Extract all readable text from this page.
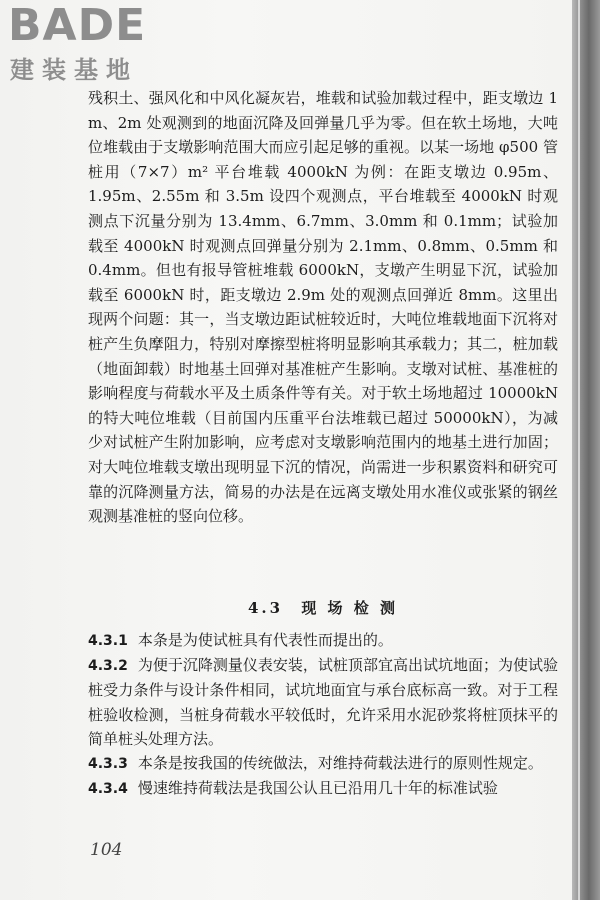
BADE
建装基地

残积土、强风化和中风化凝灰岩，堆载和试验加载过程中，距支墩边 1 m、2m 处观测到的地面沉降及回弹量几乎为零。但在软土场地，大吨位堆载由于支墩影响范围大而应引起足够的重视。以某一场地 φ500 管桩用（7×7）m² 平台堆载 4000kN 为例：在距支墩边 0.95m、1.95m、2.55m 和 3.5m 设四个观测点，平台堆载至 4000kN 时观测点下沉量分别为 13.4mm、6.7mm、3.0mm 和 0.1mm；试验加载至 4000kN 时观测点回弹量分别为 2.1mm、0.8mm、0.5mm 和 0.4mm。但也有报导管桩堆载 6000kN，支墩产生明显下沉，试验加载至 6000kN 时，距支墩边 2.9m 处的观测点回弹近 8mm。这里出现两个问题：其一，当支墩边距试桩较近时，大吨位堆载地面下沉将对桩产生负摩阻力，特别对摩擦型桩将明显影响其承载力；其二，桩加载（地面卸载）时地基土回弹对基准桩产生影响。支墩对试桩、基准桩的影响程度与荷载水平及土质条件等有关。对于软土场地超过 10000kN 的特大吨位堆载（目前国内压重平台法堆载已超过 50000kN），为减少对试桩产生附加影响，应考虑对支墩影响范围内的地基土进行加固；对大吨位堆载支墩出现明显下沉的情况，尚需进一步积累资料和研究可靠的沉降测量方法，简易的办法是在远离支墩处用水准仪或张紧的钢丝观测基准桩的竖向位移。

4.3 现 场 检 测

4.3.1 本条是为使试桩具有代表性而提出的。

4.3.2 为便于沉降测量仪表安装，试桩顶部宜高出试坑地面；为使试验桩受力条件与设计条件相同，试坑地面宜与承台底标高一致。对于工程桩验收检测，当桩身荷载水平较低时，允许采用水泥砂浆将桩顶抹平的简单桩头处理方法。

4.3.3 本条是按我国的传统做法，对维持荷载法进行的原则性规定。

4.3.4 慢速维持荷载法是我国公认且已沿用几十年的标准试验

104
